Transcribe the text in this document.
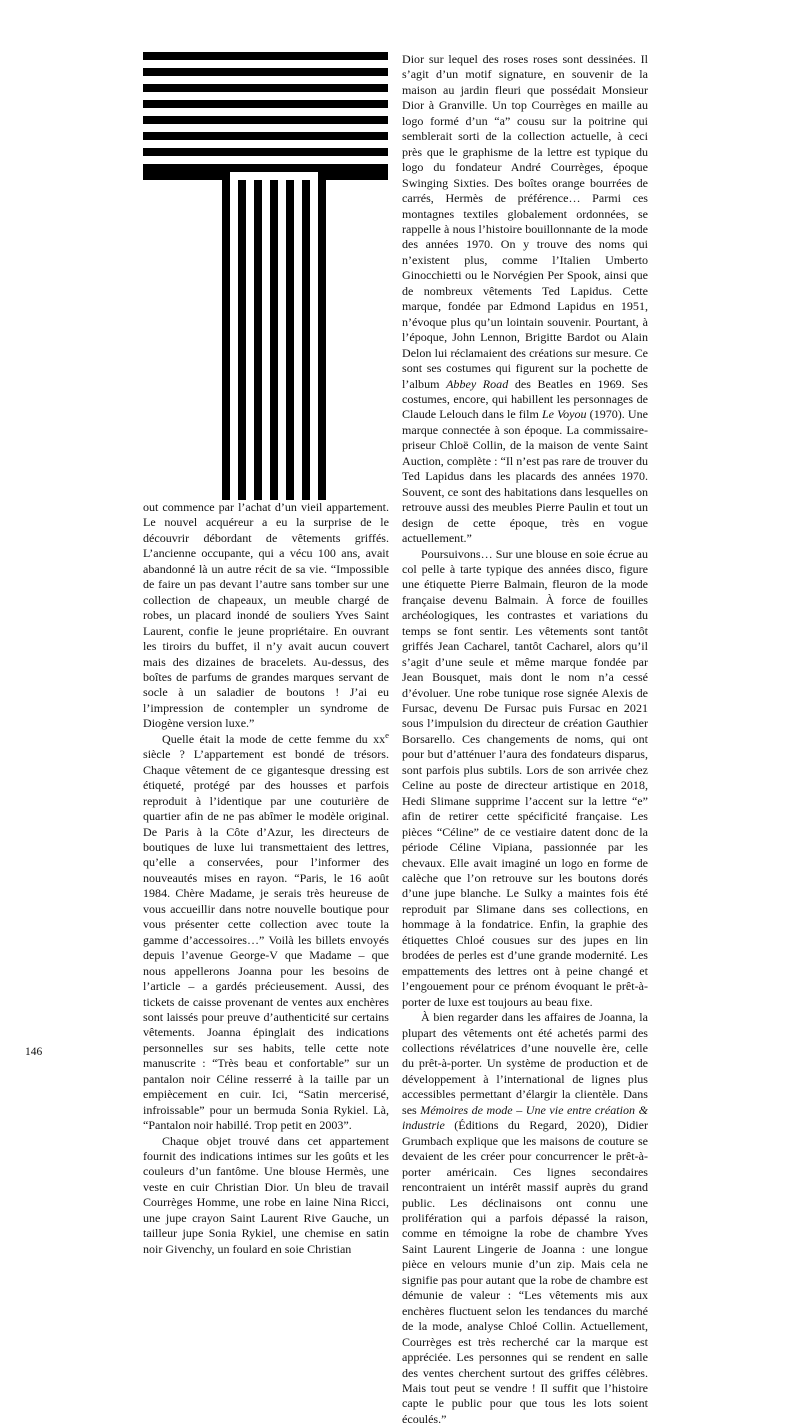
out commence par l’achat d’un vieil appartement. Le nouvel acquéreur a eu la surprise de le découvrir débordant de vêtements griffés. L’ancienne occupante, qui a vécu 100 ans, avait abandonné là un autre récit de sa vie. “Impossible de faire un pas devant l’autre sans tomber sur une collection de chapeaux, un meuble chargé de robes, un placard inondé de souliers Yves Saint Laurent, confie le jeune propriétaire. En ouvrant les tiroirs du buffet, il n’y avait aucun couvert mais des dizaines de bracelets. Au-dessus, des boîtes de parfums de grandes marques servant de socle à un saladier de boutons ! J’ai eu l’impression de contempler un syndrome de Diogène version luxe.”

Quelle était la mode de cette femme du $xx^e$ siècle ? L’appartement est bondé de trésors. Chaque vêtement de ce gigantesque dressing est étiqueté, protégé par des housses et parfois reproduit à l’identique par une couturière de quartier afin de ne pas abîmer le modèle original. De Paris à la Côte d’Azur, les directeurs de boutiques de luxe lui transmettaient des lettres, qu’elle a conservées, pour l’informer des nouveautés mises en rayon. “Paris, le 16 août 1984. Chère Madame, je serais très heureuse de vous accueillir dans notre nouvelle boutique pour vous présenter cette collection avec toute la gamme d’accessoires…” Voilà les billets envoyés depuis l’avenue George-V que Madame – que nous appellerons Joanna pour les besoins de l’article – a gardés précieusement. Aussi, des tickets de caisse provenant de ventes aux enchères sont laissés pour preuve d’authenticité sur certains vêtements. Joanna épinglait des indications personnelles sur ses habits, telle cette note manuscrite : “Très beau et confortable” sur un pantalon noir Céline resserré à la taille par un empiècement en cuir. Ici, “Satin mercerisé, infroissable” pour un bermuda Sonia Rykiel. Là, “Pantalon noir habillé. Trop petit en 2003”.

Chaque objet trouvé dans cet appartement fournit des indications intimes sur les goûts et les couleurs d’un fantôme. Une blouse Hermès, une veste en cuir Christian Dior. Un bleu de travail Courrèges Homme, une robe en laine Nina Ricci, une jupe crayon Saint Laurent Rive Gauche, un tailleur jupe Sonia Rykiel, une chemise en satin noir Givenchy, un foulard en soie Christian

Dior sur lequel des roses roses sont dessinées. Il s’agit d’un motif signature, en souvenir de la maison au jardin fleuri que possédait Monsieur Dior à Granville. Un top Courrèges en maille au logo formé d’un “a” cousu sur la poitrine qui semblerait sorti de la collection actuelle, à ceci près que le graphisme de la lettre est typique du logo du fondateur André Courrèges, époque Swinging Sixties. Des boîtes orange bourrées de carrés, Hermès de préférence… Parmi ces montagnes textiles globalement ordonnées, se rappelle à nous l’histoire bouillonnante de la mode des années 1970. On y trouve des noms qui n’existent plus, comme l’Italien Umberto Ginocchietti ou le Norvégien Per Spook, ainsi que de nombreux vêtements Ted Lapidus. Cette marque, fondée par Edmond Lapidus en 1951, n’évoque plus qu’un lointain souvenir. Pourtant, à l’époque, John Lennon, Brigitte Bardot ou Alain Delon lui réclamaient des créations sur mesure. Ce sont ses costumes qui figurent sur la pochette de l’album Abbey Road des Beatles en 1969. Ses costumes, encore, qui habillent les personnages de Claude Lelouch dans le film Le Voyou (1970). Une marque connectée à son époque. La commissaire-priseur Chloë Collin, de la maison de vente Saint Auction, complète : “Il n’est pas rare de trouver du Ted Lapidus dans les placards des années 1970. Souvent, ce sont des habitations dans lesquelles on retrouve aussi des meubles Pierre Paulin et tout un design de cette époque, très en vogue actuellement.”

Poursuivons… Sur une blouse en soie écrue au col pelle à tarte typique des années disco, figure une étiquette Pierre Balmain, fleuron de la mode française devenu Balmain. À force de fouilles archéologiques, les contrastes et variations du temps se font sentir. Les vêtements sont tantôt griffés Jean Cacharel, tantôt Cacharel, alors qu’il s’agit d’une seule et même marque fondée par Jean Bousquet, mais dont le nom n’a cessé d’évoluer. Une robe tunique rose signée Alexis de Fursac, devenu De Fursac puis Fursac en 2021 sous l’impulsion du directeur de création Gauthier Borsarello. Ces changements de noms, qui ont pour but d’atténuer l’aura des fondateurs disparus, sont parfois plus subtils. Lors de son arrivée chez Celine au poste de directeur artistique en 2018, Hedi Slimane supprime l’accent sur la lettre “e” afin de retirer cette spécificité française. Les pièces “Céline” de ce vestiaire datent donc de la période Céline Vipiana, passionnée par les chevaux. Elle avait imaginé un logo en forme de calèche que l’on retrouve sur les boutons dorés d’une jupe blanche. Le Sulky a maintes fois été reproduit par Slimane dans ses collections, en hommage à la fondatrice. Enfin, la graphie des étiquettes Chloé cousues sur des jupes en lin brodées de perles est d’une grande modernité. Les empattements des lettres ont à peine changé et l’engouement pour ce prénom évoquant le prêt-à-porter de luxe est toujours au beau fixe.

À bien regarder dans les affaires de Joanna, la plupart des vêtements ont été achetés parmi des collections révélatrices d’une nouvelle ère, celle du prêt-à-porter. Un système de production et de développement à l’international de lignes plus accessibles permettant d’élargir la clientèle. Dans ses Mémoires de mode – Une vie entre création & industrie (Éditions du Regard, 2020), Didier Grumbach explique que les maisons de couture se devaient de les créer pour concurrencer le prêt-à-porter américain. Ces lignes secondaires rencontraient un intérêt massif auprès du grand public. Les déclinaisons ont connu une prolifération qui a parfois dépassé la raison, comme en témoigne la robe de chambre Yves Saint Laurent Lingerie de Joanna : une longue pièce en velours munie d’un zip. Mais cela ne signifie pas pour autant que la robe de chambre est démunie de valeur : “Les vêtements mis aux enchères fluctuent selon les tendances du marché de la mode, analyse Chloé Collin. Actuellement, Courrèges est très recherché car la marque est appréciée. Les personnes qui se rendent en salle des ventes cherchent surtout des griffes célèbres. Mais tout peut se vendre ! Il suffit que l’histoire capte le public pour que tous les lots soient écoulés.”

146
